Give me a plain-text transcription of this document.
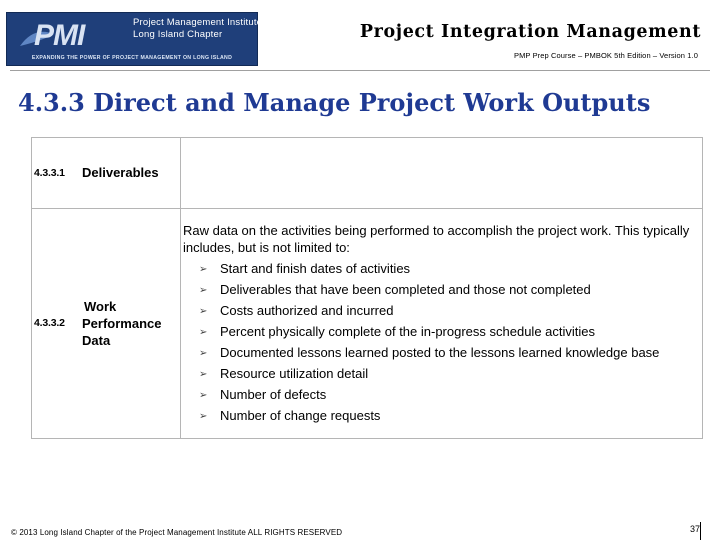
PMI	Project Management Institute
Long Island Chapter
EXPANDING THE POWER OF PROJECT MANAGEMENT ON LONG ISLAND
Project Integration Management
PMP Prep Course – PMBOK 5th Edition – Version 1.0
4.3.3 Direct and Manage Project Work Outputs
4.3.3.1 Deliverables
4.3.3.2
Work
Performance
Data
Raw data on the activities being performed to accomplish the project work. This typically includes, but is not limited to:
➢ Start and finish dates of activities
➢ Deliverables that have been completed and those not completed
➢ Costs authorized and incurred
➢ Percent physically complete of the in-progress schedule activities
➢ Documented lessons learned posted to the lessons learned knowledge base
➢ Resource utilization detail
➢ Number of defects
➢ Number of change requests
© 2013 Long Island Chapter of the Project Management Institute ALL RIGHTS RESERVED	37
